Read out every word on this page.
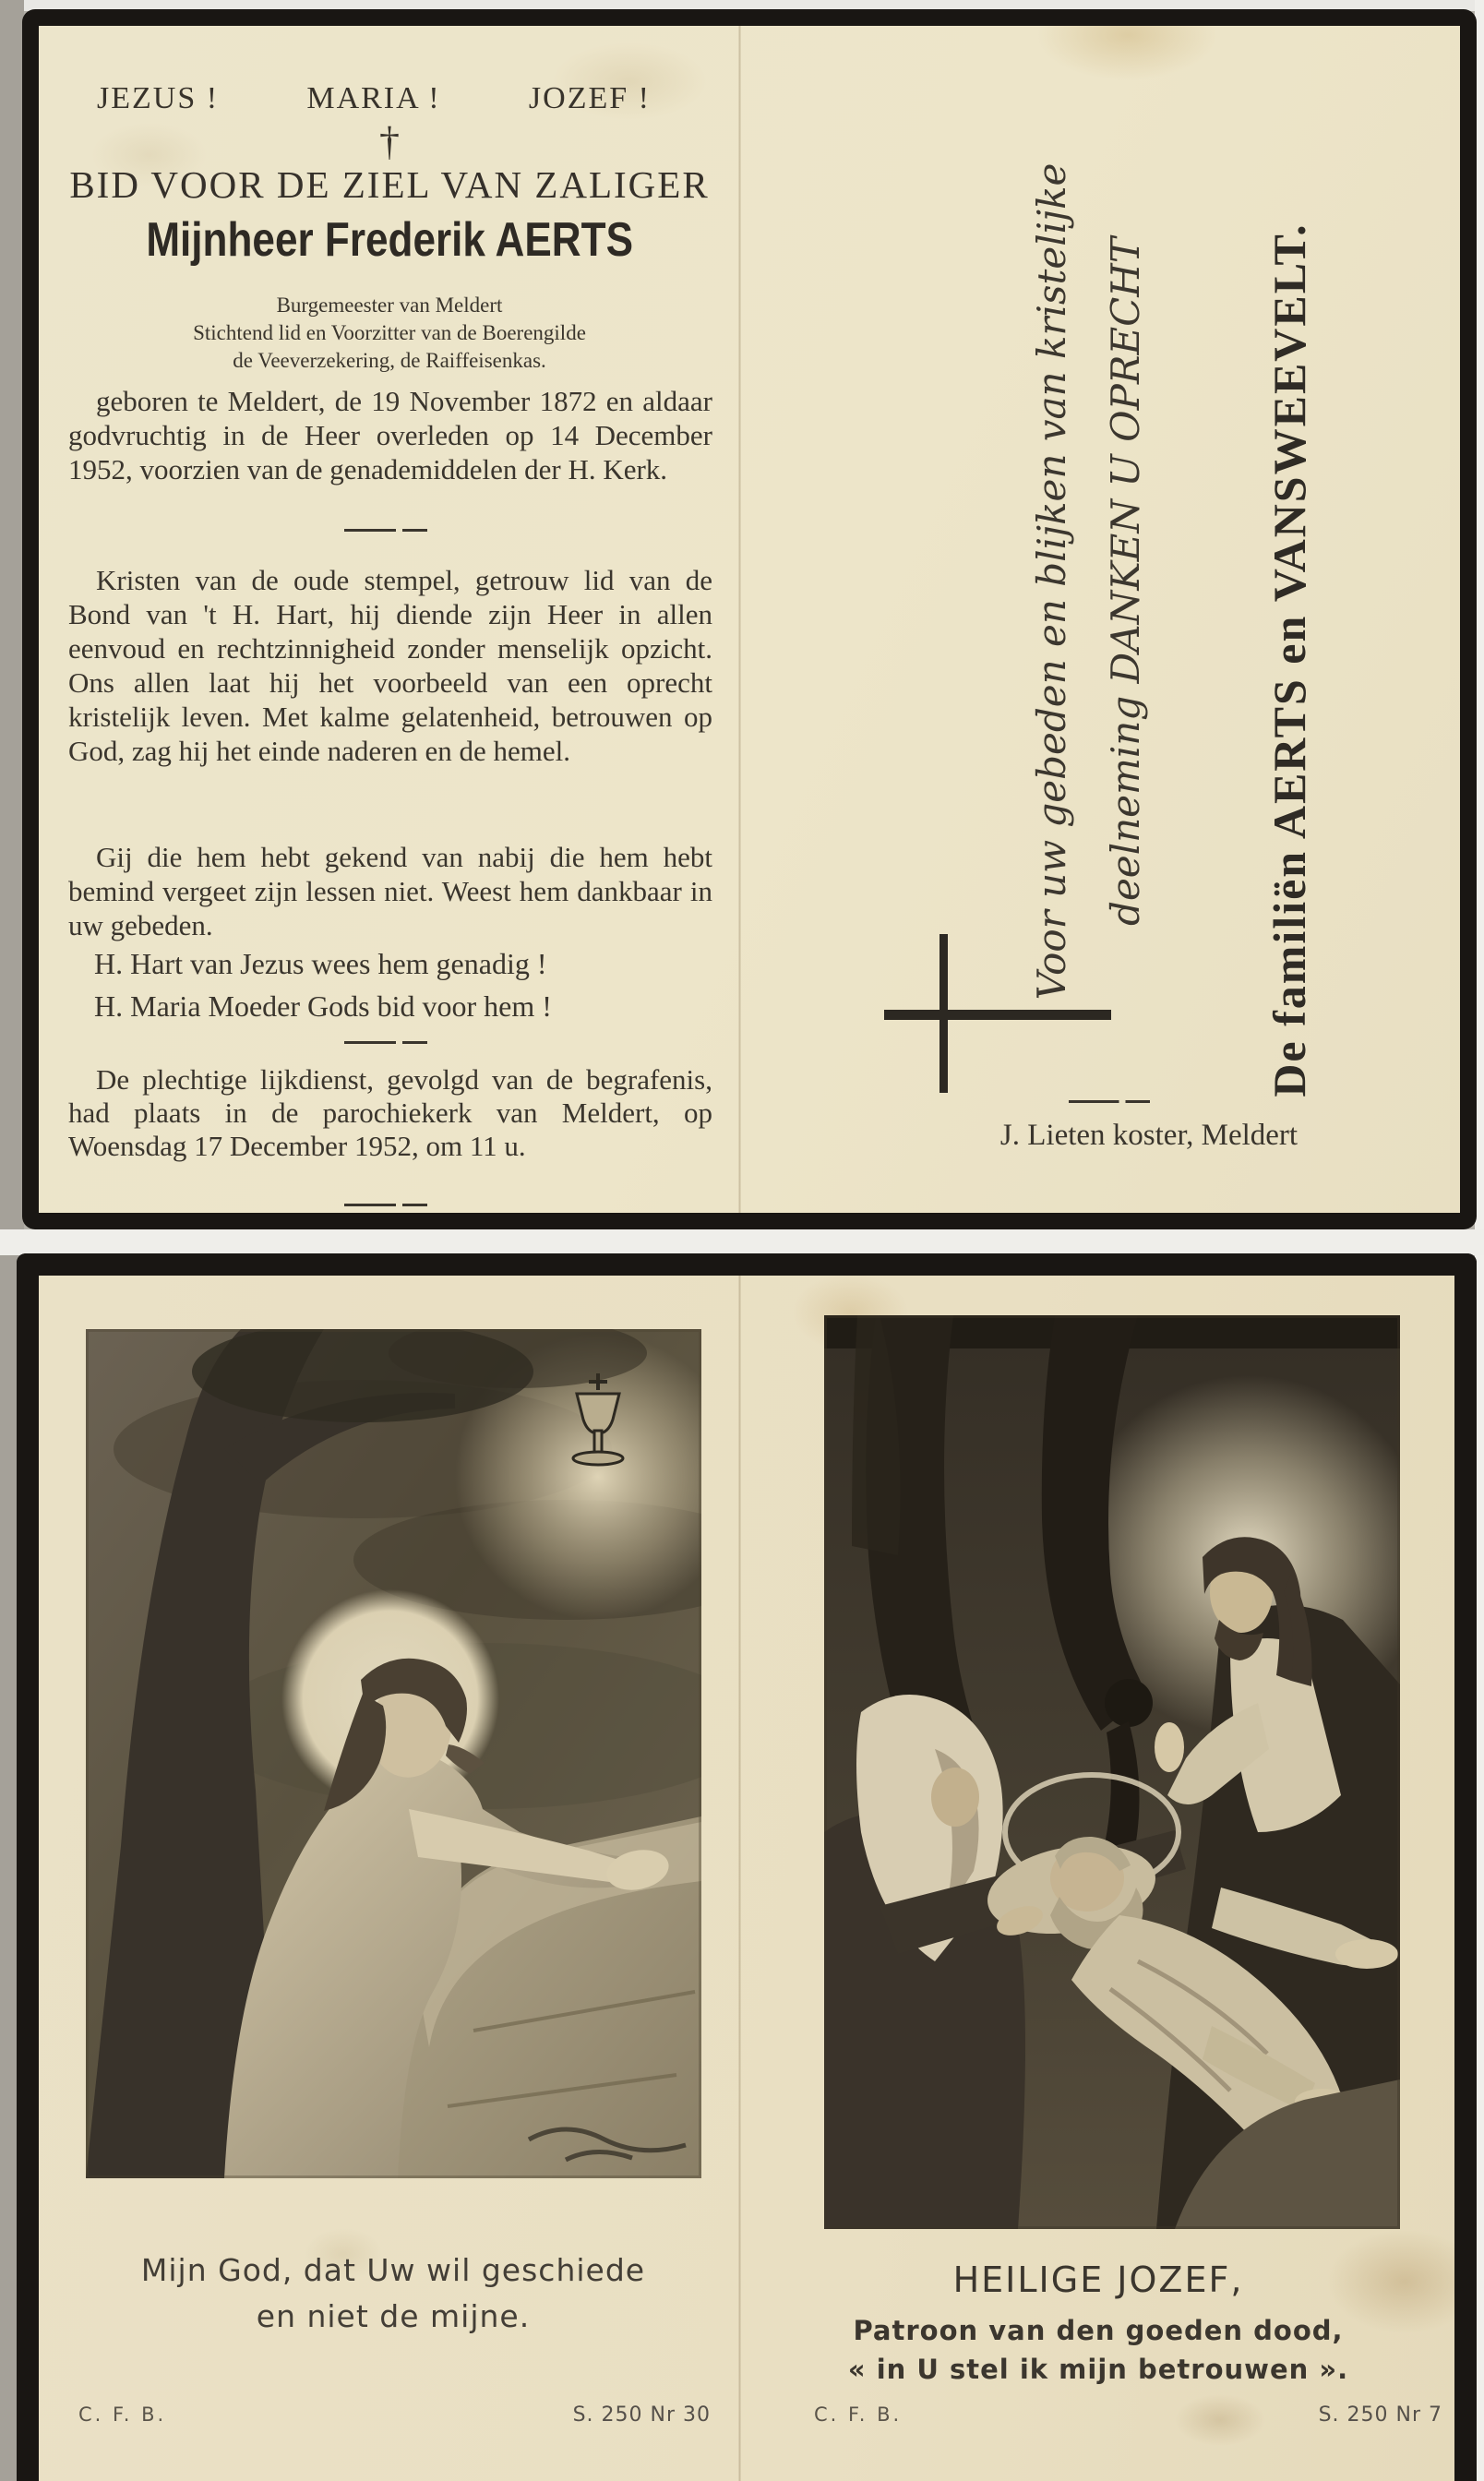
JEZUS !	MARIA !	JOZEF !
†
BID VOOR DE ZIEL VAN ZALIGER
Mijnheer Frederik AERTS
Burgemeester van Meldert
Stichtend lid en Voorzitter van de Boerengilde
de Veeverzekering, de Raiffeisenkas.
geboren te Meldert, de 19 November 1872 en aldaar godvruchtig in de Heer overleden op 14 December 1952, voorzien van de genademiddelen der H. Kerk.
Kristen van de oude stempel, getrouw lid van de Bond van 't H. Hart, hij diende zijn Heer in allen eenvoud en rechtzinnigheid zonder menselijk opzicht. Ons allen laat hij het voorbeeld van een oprecht kristelijk leven. Met kalme gelatenheid, betrouwen op God, zag hij het einde naderen en de hemel.
Gij die hem hebt gekend van nabij die hem hebt bemind vergeet zijn lessen niet. Weest hem dankbaar in uw gebeden.
H. Hart van Jezus wees hem genadig !
H. Maria Moeder Gods bid voor hem !
De plechtige lijkdienst, gevolgd van de begrafenis, had plaats in de parochiekerk van Meldert, op Woensdag 17 December 1952, om 11 u.
Voor uw gebeden en blijken van kristelijke deelneming DANKEN U OPRECHT	De familiën AERTS en VANSWEEVELT.
J. Lieten koster, Meldert
Mijn God, dat Uw wil geschiede
en niet de mijne.
C. F. B.	S. 250 Nr 30
HEILIGE JOZEF,
Patroon van den goeden dood,
« in U stel ik mijn betrouwen ».
C. F. B.	S. 250 Nr 7
